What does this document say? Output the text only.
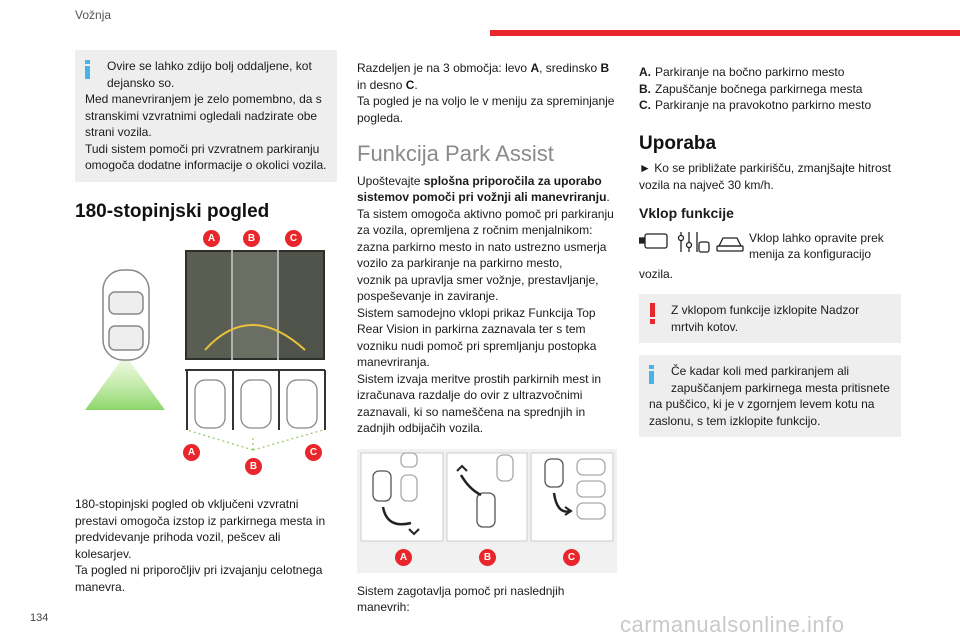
Vožnja
Ovire se lahko zdijo bolj oddaljene, kot dejansko so.

Med manevriranjem je zelo pomembno, da s stranskimi vzvratnimi ogledali nadzirate obe strani vozila.

Tudi sistem pomoči pri vzvratnem parkiranju omogoča dodatne informacije o okolici vozila.

180-stopinjski pogled
A	B	C
A
B
C

180-stopinjski pogled ob vključeni vzvratni prestavi omogoča izstop iz parkirnega mesta in predvidevanje prihoda vozil, pešcev ali kolesarjev.

Ta pogled ni priporočljiv pri izvajanju celotnega manevra.

Razdeljen je na 3 območja: levo A, sredinsko B in desno C.

Ta pogled je na voljo le v meniju za spreminjanje pogleda.

Funkcija Park Assist

Upoštevajte splošna priporočila za uporabo sistemov pomoči pri vožnji ali manevriranju.

Ta sistem omogoča aktivno pomoč pri parkiranju za vozila, opremljena z ročnim menjalnikom: zazna parkirno mesto in nato ustrezno usmerja vozilo za parkiranje na parkirno mesto,

voznik pa upravlja smer vožnje, prestavljanje, pospeševanje in zaviranje.

Sistem samodejno vklopi prikaz Funkcija Top Rear Vision in parkirna zaznavala ter s tem vozniku nudi pomoč pri spremljanju postopka manevriranja.

Sistem izvaja meritve prostih parkirnih mest in izračunava razdalje do ovir z ultrazvočnimi zaznavali, ki so nameščena na sprednjih in zadnjih odbijačih vozila.

A	B	C

Sistem zagotavlja pomoč pri naslednjih manevrih:

A. Parkiranje na bočno parkirno mesto
B. Zapuščanje bočnega parkirnega mesta
C. Parkiranje na pravokotno parkirno mesto
Uporaba

► Ko se približate parkirišču, zmanjšajte hitrost vozila na največ 30 km/h.

Vklop funkcije
Vklop lahko opravite prek menija za konfiguracijo

vozila.

Z vklopom funkcije izklopite Nadzor mrtvih kotov.
Če kadar koli med parkiranjem ali zapuščanjem parkirnega mesta pritisnete

na puščico, ki je v zgornjem levem kotu na zaslonu, s tem izklopite funkcijo.

134	carmanualsonline.info
